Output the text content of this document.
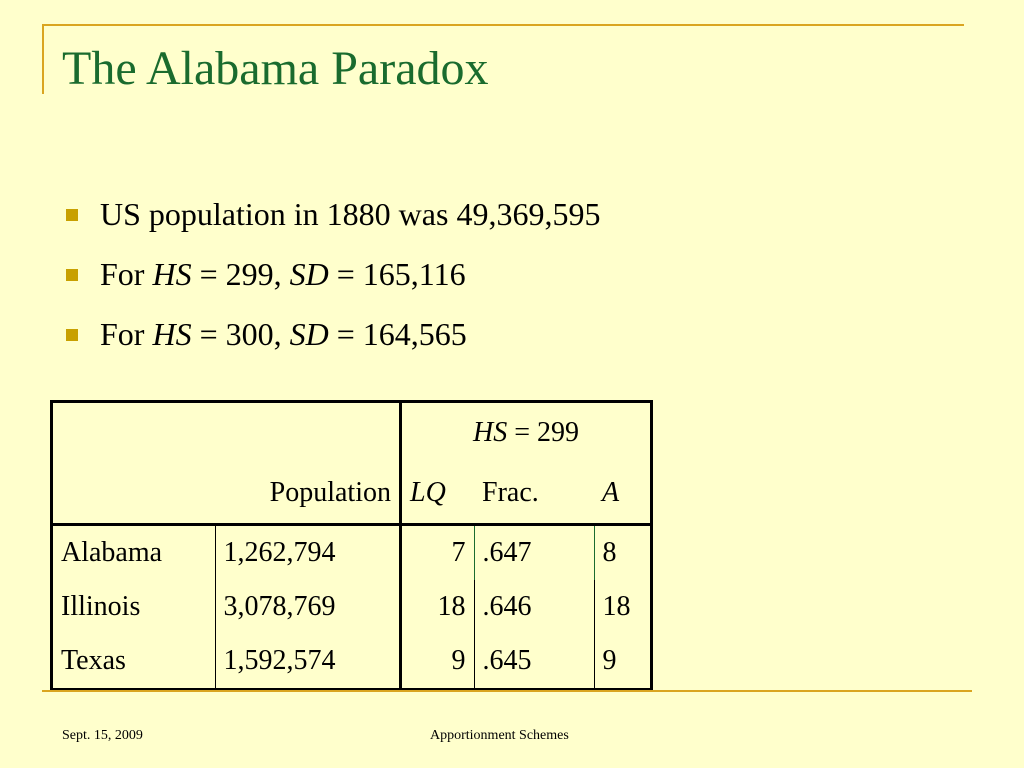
The Alabama Paradox
US population in 1880 was 49,369,595
For HS = 299, SD = 165,116
For HS = 300, SD = 164,565
		HS = 299		
	Population	LQ	Frac.	A
Alabama	1,262,794	7	.647	8
Illinois	3,078,769	18	.646	18
Texas	1,592,574	9	.645	9
Sept. 15, 2009	Apportionment Schemes
